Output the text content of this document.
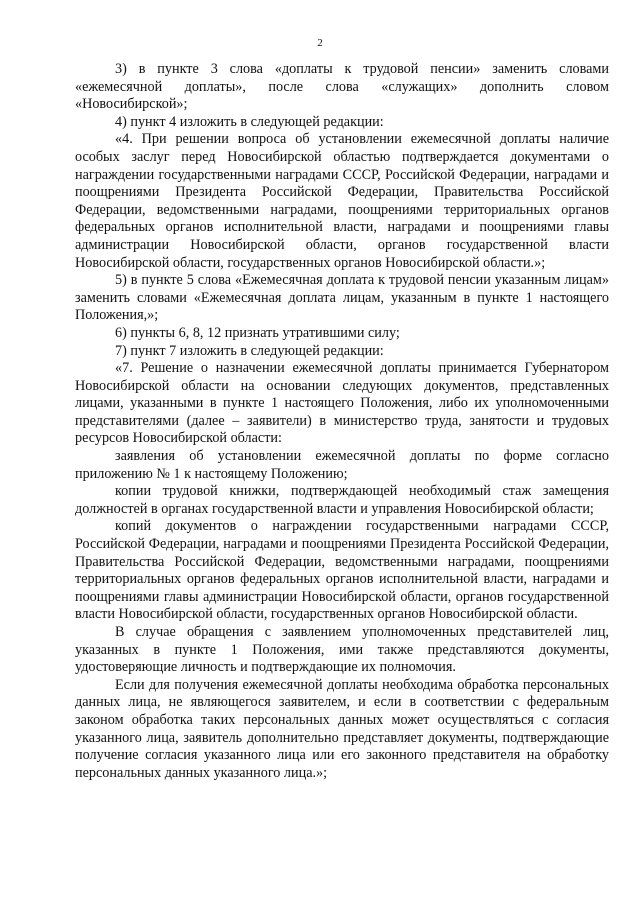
2

3) в пункте 3 слова «доплаты к трудовой пенсии» заменить словами «ежемесячной доплаты», после слова «служащих» дополнить словом «Новосибирской»;

4) пункт 4 изложить в следующей редакции:

«4. При решении вопроса об установлении ежемесячной доплаты наличие особых заслуг перед Новосибирской областью подтверждается документами о награждении государственными наградами СССР, Российской Федерации, наградами и поощрениями Президента Российской Федерации, Правительства Российской Федерации, ведомственными наградами, поощрениями территориальных органов федеральных органов исполнительной власти, наградами и поощрениями главы администрации Новосибирской области, органов государственной власти Новосибирской области, государственных органов Новосибирской области.»;

5) в пункте 5 слова «Ежемесячная доплата к трудовой пенсии указанным лицам» заменить словами «Ежемесячная доплата лицам, указанным в пункте 1 настоящего Положения,»;

6) пункты 6, 8, 12 признать утратившими силу;

7) пункт 7 изложить в следующей редакции:

«7. Решение о назначении ежемесячной доплаты принимается Губернатором Новосибирской области на основании следующих документов, представленных лицами, указанными в пункте 1 настоящего Положения, либо их уполномоченными представителями (далее – заявители) в министерство труда, занятости и трудовых ресурсов Новосибирской области:

заявления об установлении ежемесячной доплаты по форме согласно приложению № 1 к настоящему Положению;

копии трудовой книжки, подтверждающей необходимый стаж замещения должностей в органах государственной власти и управления Новосибирской области;

копий документов о награждении государственными наградами СССР, Российской Федерации, наградами и поощрениями Президента Российской Федерации, Правительства Российской Федерации, ведомственными наградами, поощрениями территориальных органов федеральных органов исполнительной власти, наградами и поощрениями главы администрации Новосибирской области, органов государственной власти Новосибирской области, государственных органов Новосибирской области.

В случае обращения с заявлением уполномоченных представителей лиц, указанных в пункте 1 Положения, ими также представляются документы, удостоверяющие личность и подтверждающие их полномочия.

Если для получения ежемесячной доплаты необходима обработка персональных данных лица, не являющегося заявителем, и если в соответствии с федеральным законом обработка таких персональных данных может осуществляться с согласия указанного лица, заявитель дополнительно представляет документы, подтверждающие получение согласия указанного лица или его законного представителя на обработку персональных данных указанного лица.»;
